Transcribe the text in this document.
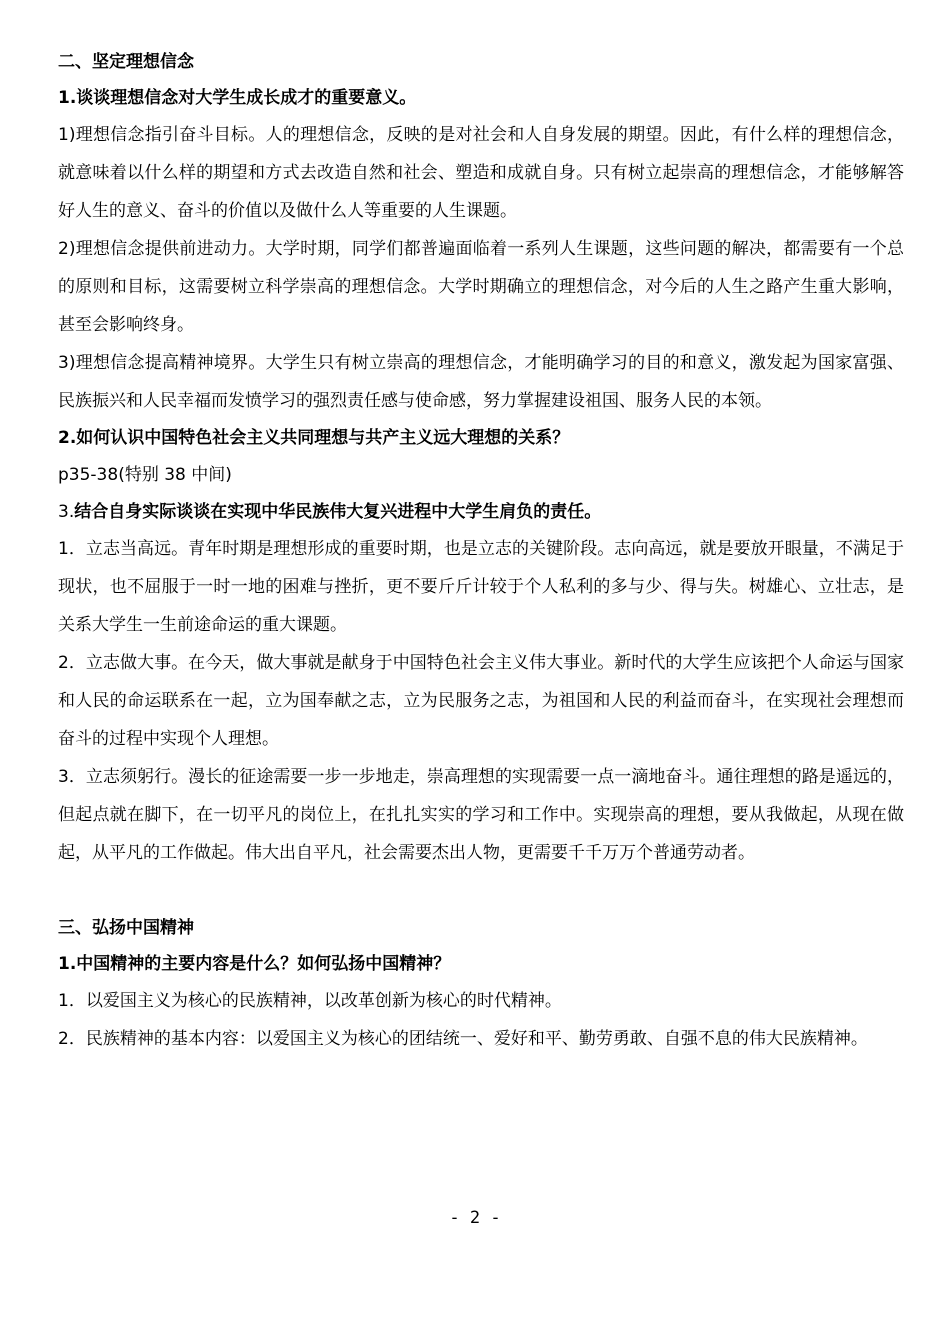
二、坚定理想信念

1.谈谈理想信念对大学生成长成才的重要意义。

1)理想信念指引奋斗目标。人的理想信念，反映的是对社会和人自身发展的期望。因此，有什么样的理想信念，就意味着以什么样的期望和方式去改造自然和社会、塑造和成就自身。只有树立起崇高的理想信念，才能够解答好人生的意义、奋斗的价值以及做什么人等重要的人生课题。

2)理想信念提供前进动力。大学时期，同学们都普遍面临着一系列人生课题，这些问题的解决，都需要有一个总的原则和目标，这需要树立科学崇高的理想信念。大学时期确立的理想信念，对今后的人生之路产生重大影响，甚至会影响终身。

3)理想信念提高精神境界。大学生只有树立崇高的理想信念，才能明确学习的目的和意义，激发起为国家富强、民族振兴和人民幸福而发愤学习的强烈责任感与使命感，努力掌握建设祖国、服务人民的本领。

2.如何认识中国特色社会主义共同理想与共产主义远大理想的关系？

p35-38(特别 38 中间)

3.结合自身实际谈谈在实现中华民族伟大复兴进程中大学生肩负的责任。

1．立志当高远。青年时期是理想形成的重要时期，也是立志的关键阶段。志向高远，就是要放开眼量，不满足于现状，也不屈服于一时一地的困难与挫折，更不要斤斤计较于个人私利的多与少、得与失。树雄心、立壮志，是关系大学生一生前途命运的重大课题。

2．立志做大事。在今天，做大事就是献身于中国特色社会主义伟大事业。新时代的大学生应该把个人命运与国家和人民的命运联系在一起，立为国奉献之志，立为民服务之志，为祖国和人民的利益而奋斗，在实现社会理想而奋斗的过程中实现个人理想。

3．立志须躬行。漫长的征途需要一步一步地走，崇高理想的实现需要一点一滴地奋斗。通往理想的路是遥远的，但起点就在脚下，在一切平凡的岗位上，在扎扎实实的学习和工作中。实现崇高的理想，要从我做起，从现在做起，从平凡的工作做起。伟大出自平凡，社会需要杰出人物，更需要千千万万个普通劳动者。

三、弘扬中国精神

1.中国精神的主要内容是什么？如何弘扬中国精神？

1．以爱国主义为核心的民族精神，以改革创新为核心的时代精神。

2．民族精神的基本内容：以爱国主义为核心的团结统一、爱好和平、勤劳勇敢、自强不息的伟大民族精神。

- 2 -
